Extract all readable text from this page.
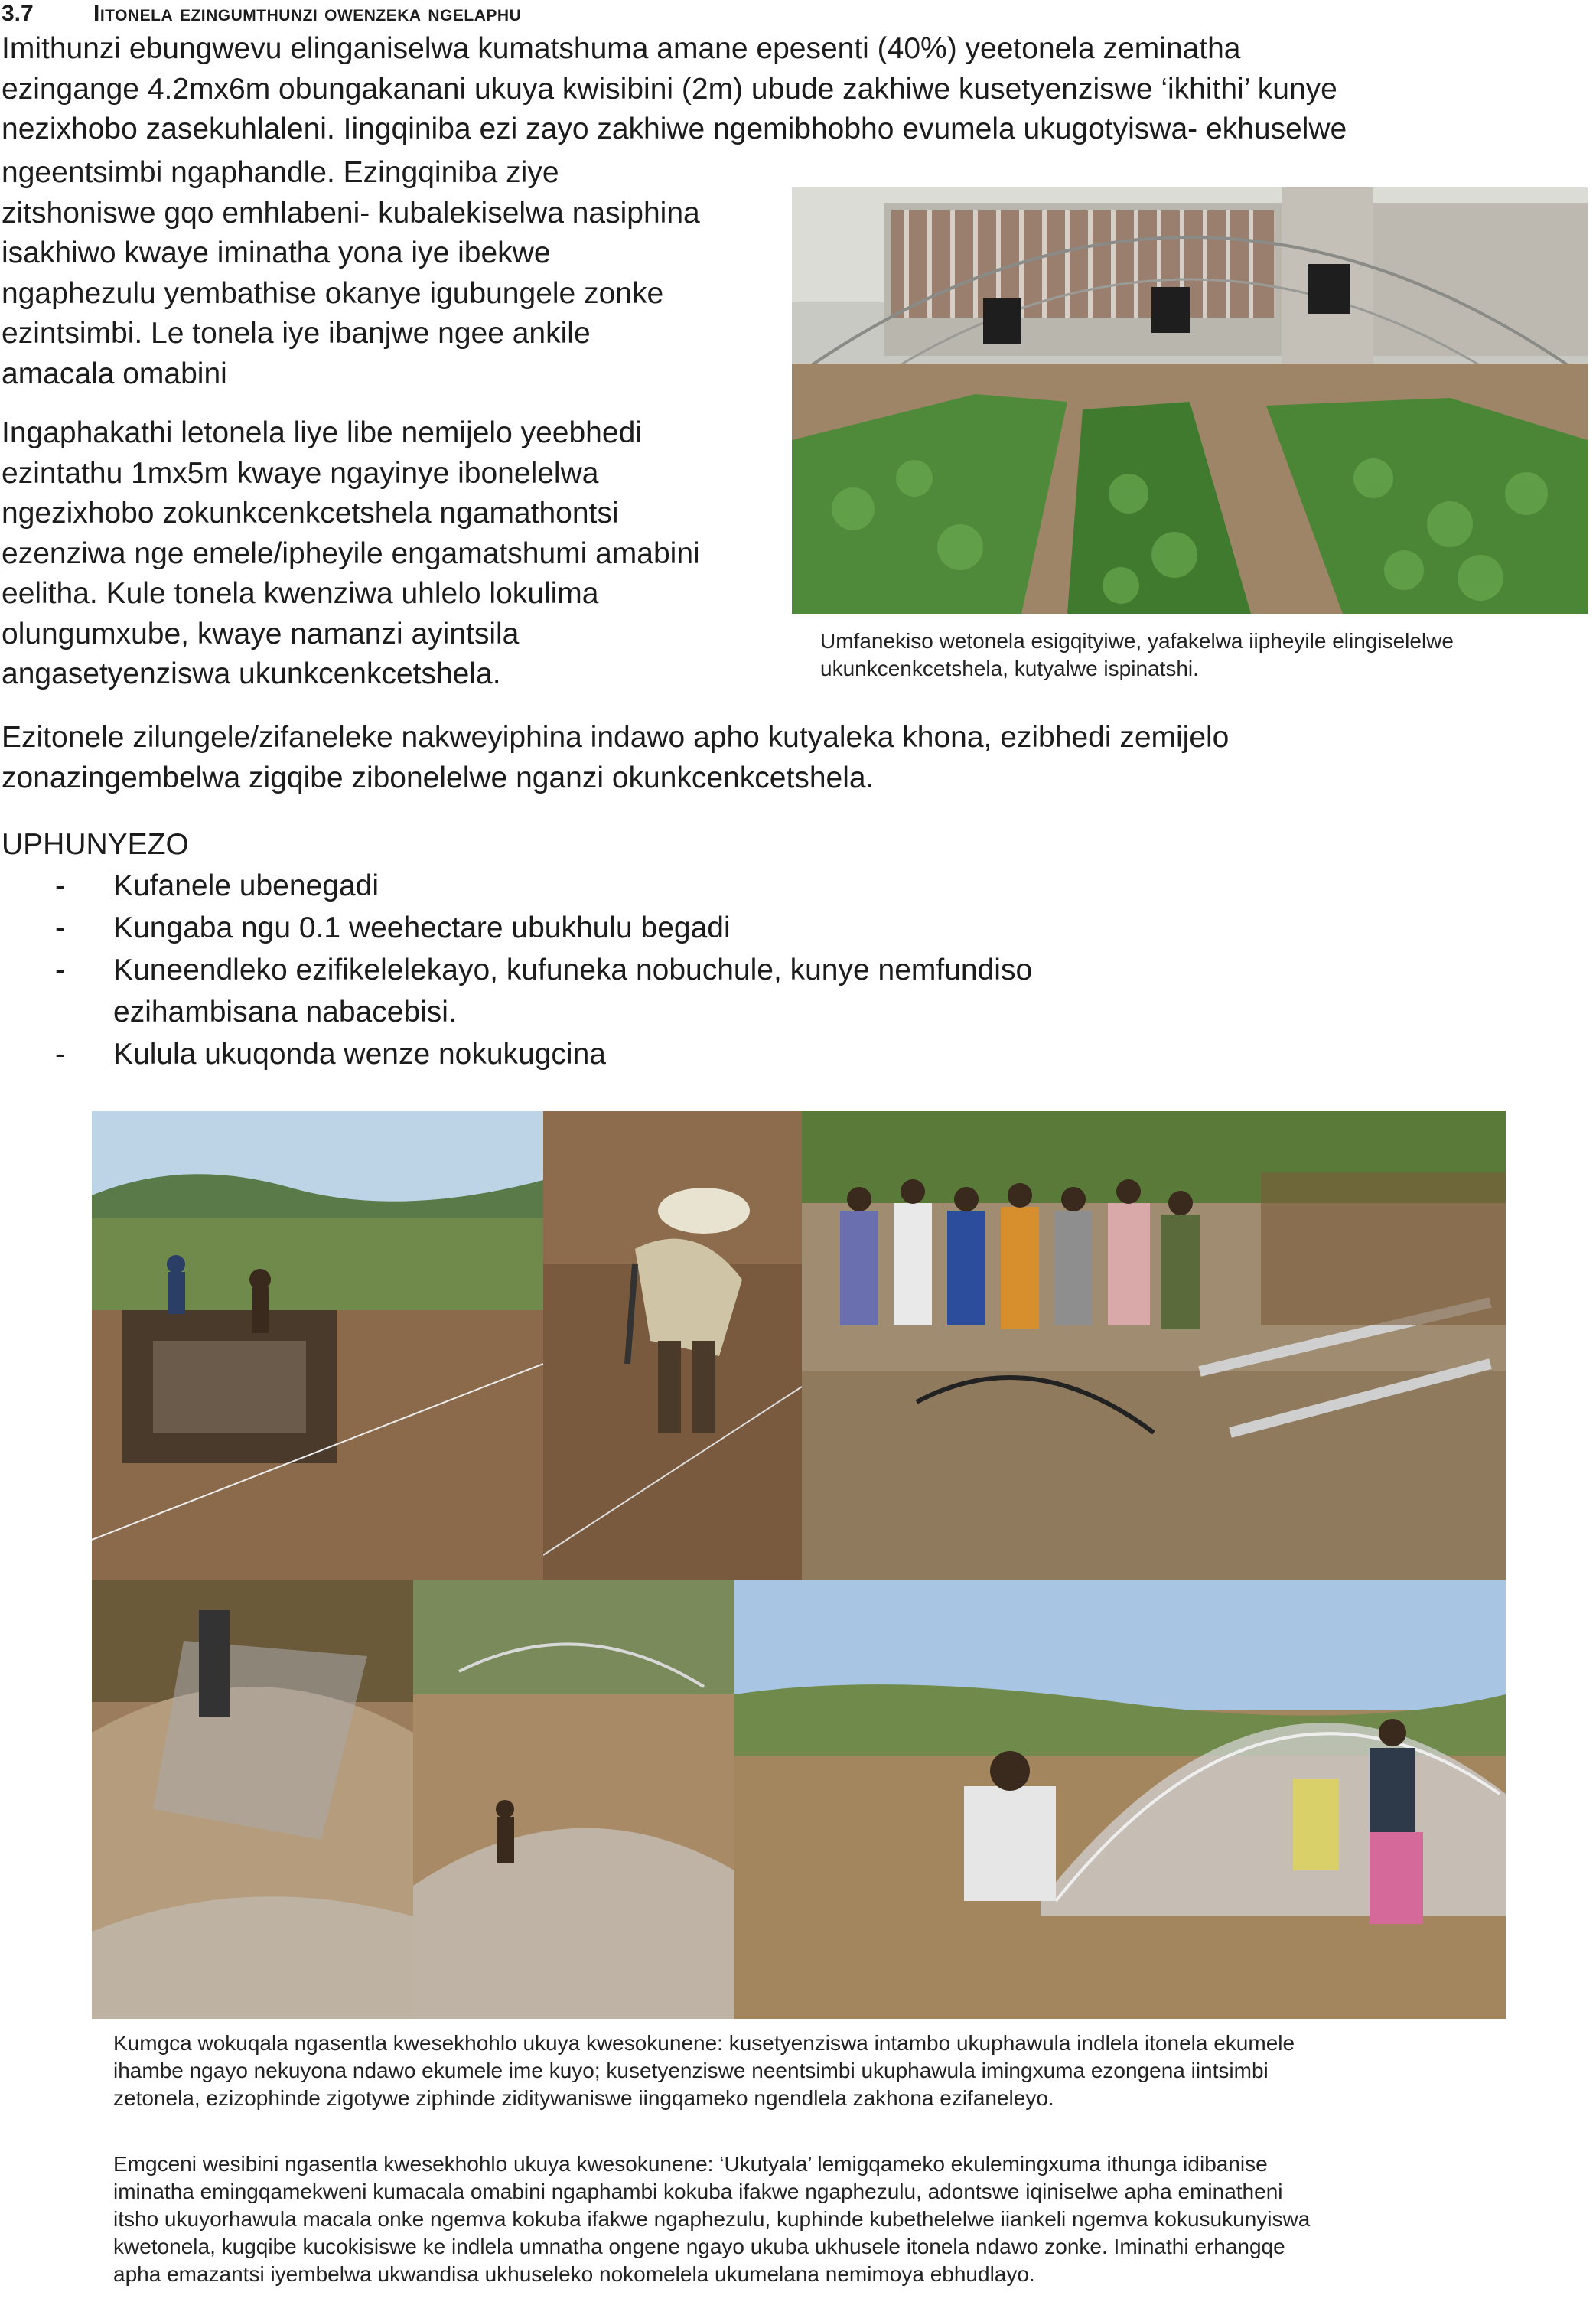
3.7	Iitonela ezingumthunzi owenzeka ngelaphu
Imithunzi ebungwevu elinganiselwa kumatshuma amane epesenti (40%) yeetonela zeminatha
ezingange 4.2mx6m obungakanani ukuya kwisibini (2m) ubude zakhiwe kusetyenziswe ‘ikhithi’ kunye
nezixhobo zasekuhlaleni. Iingqiniba ezi zayo zakhiwe ngemibhobho evumela ukugotyiswa- ekhuselwe
ngeentsimbi ngaphandle. Ezingqiniba ziye
zitshoniswe gqo emhlabeni- kubalekiselwa nasiphina
isakhiwo kwaye iminatha yona iye ibekwe
ngaphezulu yembathise okanye igubungele zonke
ezintsimbi. Le tonela iye ibanjwe ngee ankile
amacala omabini
Ingaphakathi letonela liye libe nemijelo yeebhedi
ezintathu 1mx5m kwaye ngayinye ibonelelwa
ngezixhobo zokunkcenkcetshela ngamathontsi
ezenziwa nge emele/ipheyile engamatshumi amabini
eelitha. Kule tonela kwenziwa uhlelo lokulima
olungumxube, kwaye namanzi ayintsila
angasetyenziswa ukunkcenkcetshela.
Umfanekiso wetonela esigqityiwe, yafakelwa iipheyile elingiselelwe
ukunkcenkcetshela, kutyalwe ispinatshi.
Ezitonele zilungele/zifaneleke nakweyiphina indawo apho kutyaleka khona, ezibhedi zemijelo
zonazingembelwa zigqibe zibonelelwe nganzi okunkcenkcetshela.
UPHUNYEZO
- Kufanele ubenegadi
- Kungaba ngu 0.1 weehectare ubukhulu begadi
- Kuneendleko ezifikelelekayo, kufuneka nobuchule, kunye nemfundiso
ezihambisana nabacebisi.
- Kulula ukuqonda wenze nokukugcina
Kumgca wokuqala ngasentla kwesekhohlo ukuya kwesokunene: kusetyenziswa intambo ukuphawula indlela itonela ekumele
ihambe ngayo nekuyona ndawo ekumele ime kuyo; kusetyenziswe neentsimbi ukuphawula imingxuma ezongena iintsimbi
zetonela, ezizophinde zigotywe ziphinde ziditywaniswe iingqameko ngendlela zakhona ezifaneleyo.
Emgceni wesibini ngasentla kwesekhohlo ukuya kwesokunene: ‘Ukutyala’ lemigqameko ekulemingxuma ithunga idibanise
iminatha emingqamekweni kumacala omabini ngaphambi kokuba ifakwe ngaphezulu, adontswe iqiniselwe apha eminatheni
itsho ukuyorhawula macala onke ngemva kokuba ifakwe ngaphezulu, kuphinde kubethelelwe iiankeli ngemva kokusukunyiswa
kwetonela, kugqibe kucokisiswe ke indlela umnatha ongene ngayo ukuba ukhusele itonela ndawo zonke. Iminathi erhangqe
apha emazantsi iyembelwa ukwandisa ukhuseleko nokomelela ukumelana nemimoya ebhudlayo.
